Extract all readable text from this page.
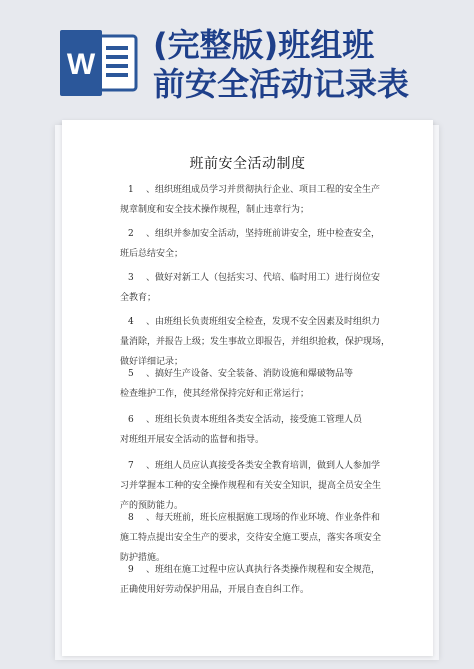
W
(完整版)班组班
前安全活动记录表
班前安全活动制度
1 、组织班组成员学习并贯彻执行企业、项目工程的安全生产
规章制度和安全技术操作规程，制止违章行为；
2 、组织并参加安全活动，坚持班前讲安全，班中检查安全，
班后总结安全；
3 、做好对新工人（包括实习、代培、临时用工）进行岗位安
全教育；
4 、由班组长负责班组安全检查，发现不安全因素及时组织力
量消除，并报告上级；发生事故立即报告，并组织抢救，保护现场，
做好详细记录；
5 、搞好生产设备、安全装备、消防设施和爆破物品等
检查维护工作，使其经常保持完好和正常运行；
6 、班组长负责本班组各类安全活动，接受施工管理人员
对班组开展安全活动的监督和指导。
7 、班组人员应认真接受各类安全教育培训，做到人人参加学
习并掌握本工种的安全操作规程和有关安全知识，提高全员安全生
产的预防能力。
8 、每天班前，班长应根据施工现场的作业环境、作业条件和
施工特点提出安全生产的要求，交待安全施工要点，落实各项安全
防护措施。
9 、班组在施工过程中应认真执行各类操作规程和安全规范，
正确使用好劳动保护用品，开展自查自纠工作。
